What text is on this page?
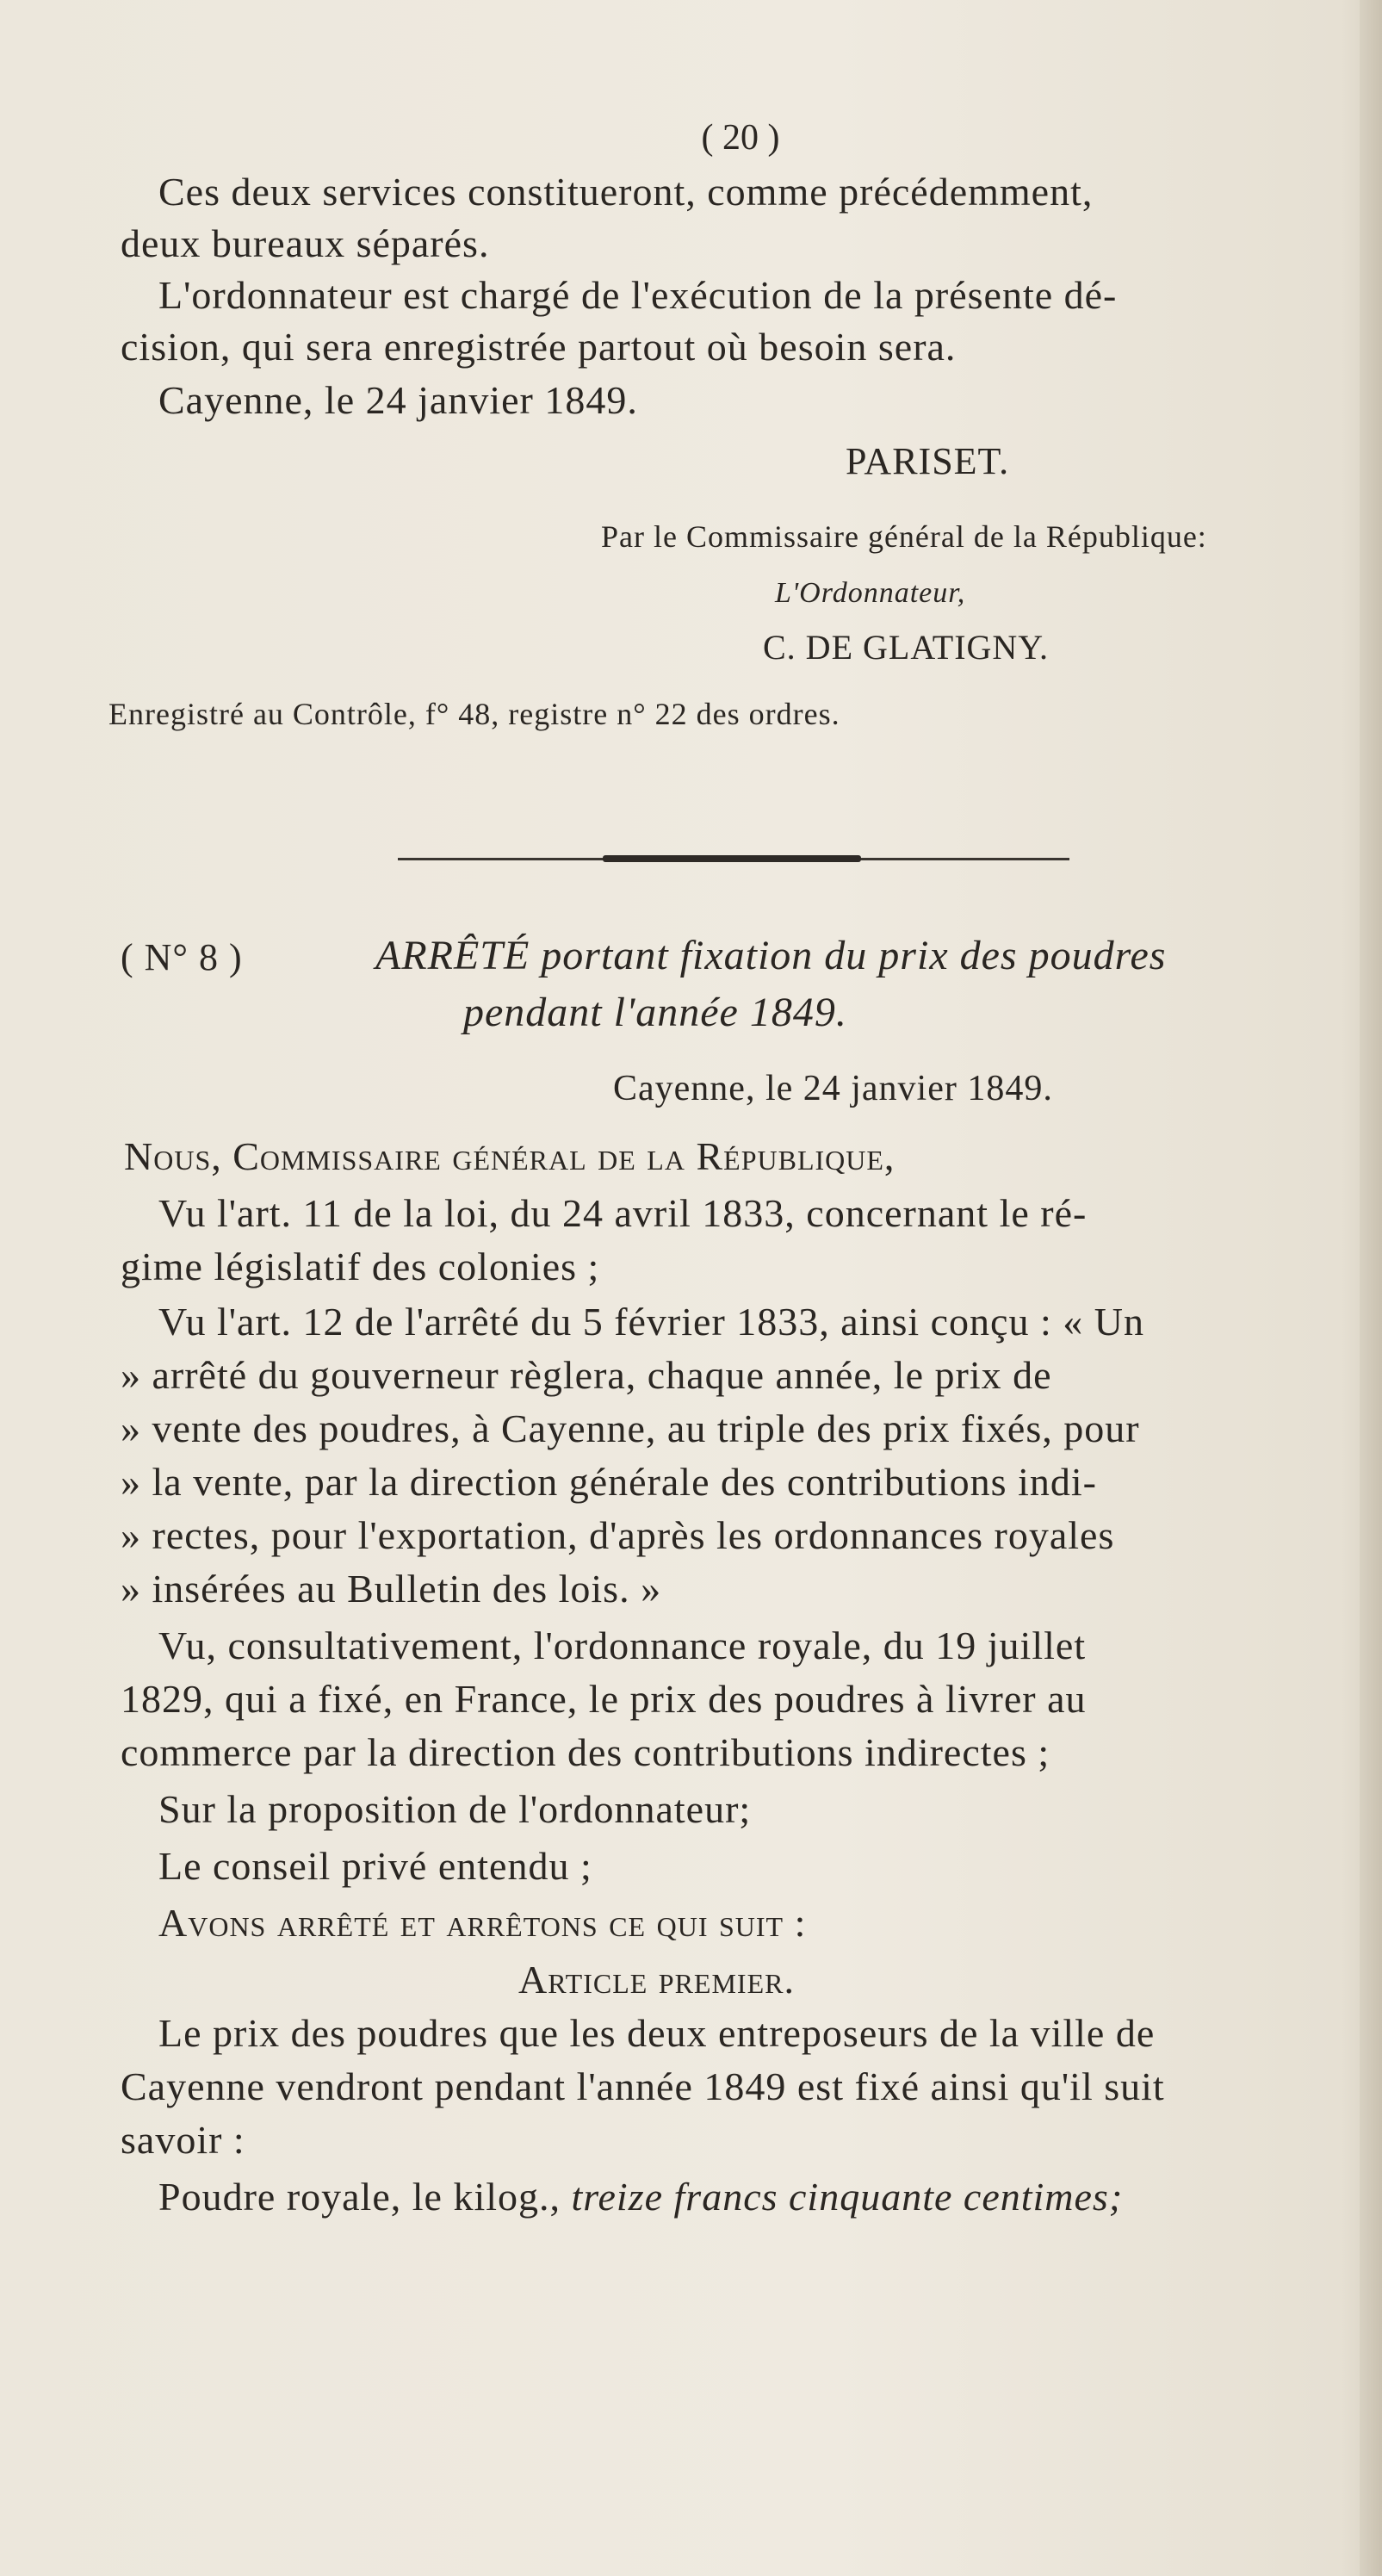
( 20 )
Ces deux services constitueront, comme précédemment,
deux bureaux séparés.
L'ordonnateur est chargé de l'exécution de la présente dé-
cision, qui sera enregistrée partout où besoin sera.
Cayenne, le 24 janvier 1849.
PARISET.
Par le Commissaire général de la République:
L'Ordonnateur,
C. DE GLATIGNY.
Enregistré au Contrôle, f° 48, registre n° 22 des ordres.
( N° 8 )	ARRÊTÉ portant fixation du prix des poudres
pendant l'année 1849.
Cayenne, le 24 janvier 1849.
Nous, Commissaire général de la République,
Vu l'art. 11 de la loi, du 24 avril 1833, concernant le ré-
gime législatif des colonies ;
Vu l'art. 12 de l'arrêté du 5 février 1833, ainsi conçu : « Un
» arrêté du gouverneur règlera, chaque année, le prix de
» vente des poudres, à Cayenne, au triple des prix fixés, pour
» la vente, par la direction générale des contributions indi-
» rectes, pour l'exportation, d'après les ordonnances royales
» insérées au Bulletin des lois. »
Vu, consultativement, l'ordonnance royale, du 19 juillet
1829, qui a fixé, en France, le prix des poudres à livrer au
commerce par la direction des contributions indirectes ;
Sur la proposition de l'ordonnateur;
Le conseil privé entendu ;
Avons arrêté et arrêtons ce qui suit :
Article premier.
Le prix des poudres que les deux entreposeurs de la ville de
Cayenne vendront pendant l'année 1849 est fixé ainsi qu'il suit
savoir :
Poudre royale, le kilog., treize francs cinquante centimes;
